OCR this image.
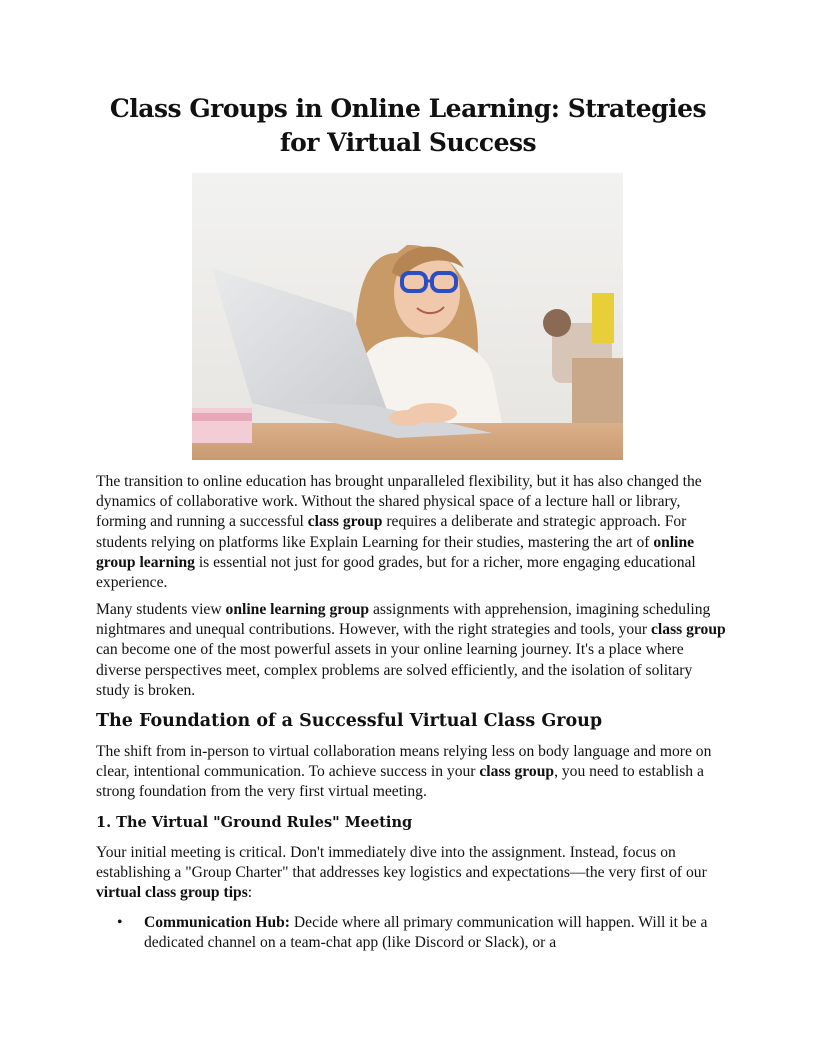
Class Groups in Online Learning: Strategies for Virtual Success

The transition to online education has brought unparalleled flexibility, but it has also changed the dynamics of collaborative work. Without the shared physical space of a lecture hall or library, forming and running a successful class group requires a deliberate and strategic approach. For students relying on platforms like Explain Learning for their studies, mastering the art of online group learning is essential not just for good grades, but for a richer, more engaging educational experience.

Many students view online learning group assignments with apprehension, imagining scheduling nightmares and unequal contributions. However, with the right strategies and tools, your class group can become one of the most powerful assets in your online learning journey. It's a place where diverse perspectives meet, complex problems are solved efficiently, and the isolation of solitary study is broken.

The Foundation of a Successful Virtual Class Group

The shift from in-person to virtual collaboration means relying less on body language and more on clear, intentional communication. To achieve success in your class group, you need to establish a strong foundation from the very first virtual meeting.

1. The Virtual "Ground Rules" Meeting

Your initial meeting is critical. Don't immediately dive into the assignment. Instead, focus on establishing a "Group Charter" that addresses key logistics and expectations—the very first of our virtual class group tips:

• Communication Hub: Decide where all primary communication will happen. Will it be a dedicated channel on a team-chat app (like Discord or Slack), or a
